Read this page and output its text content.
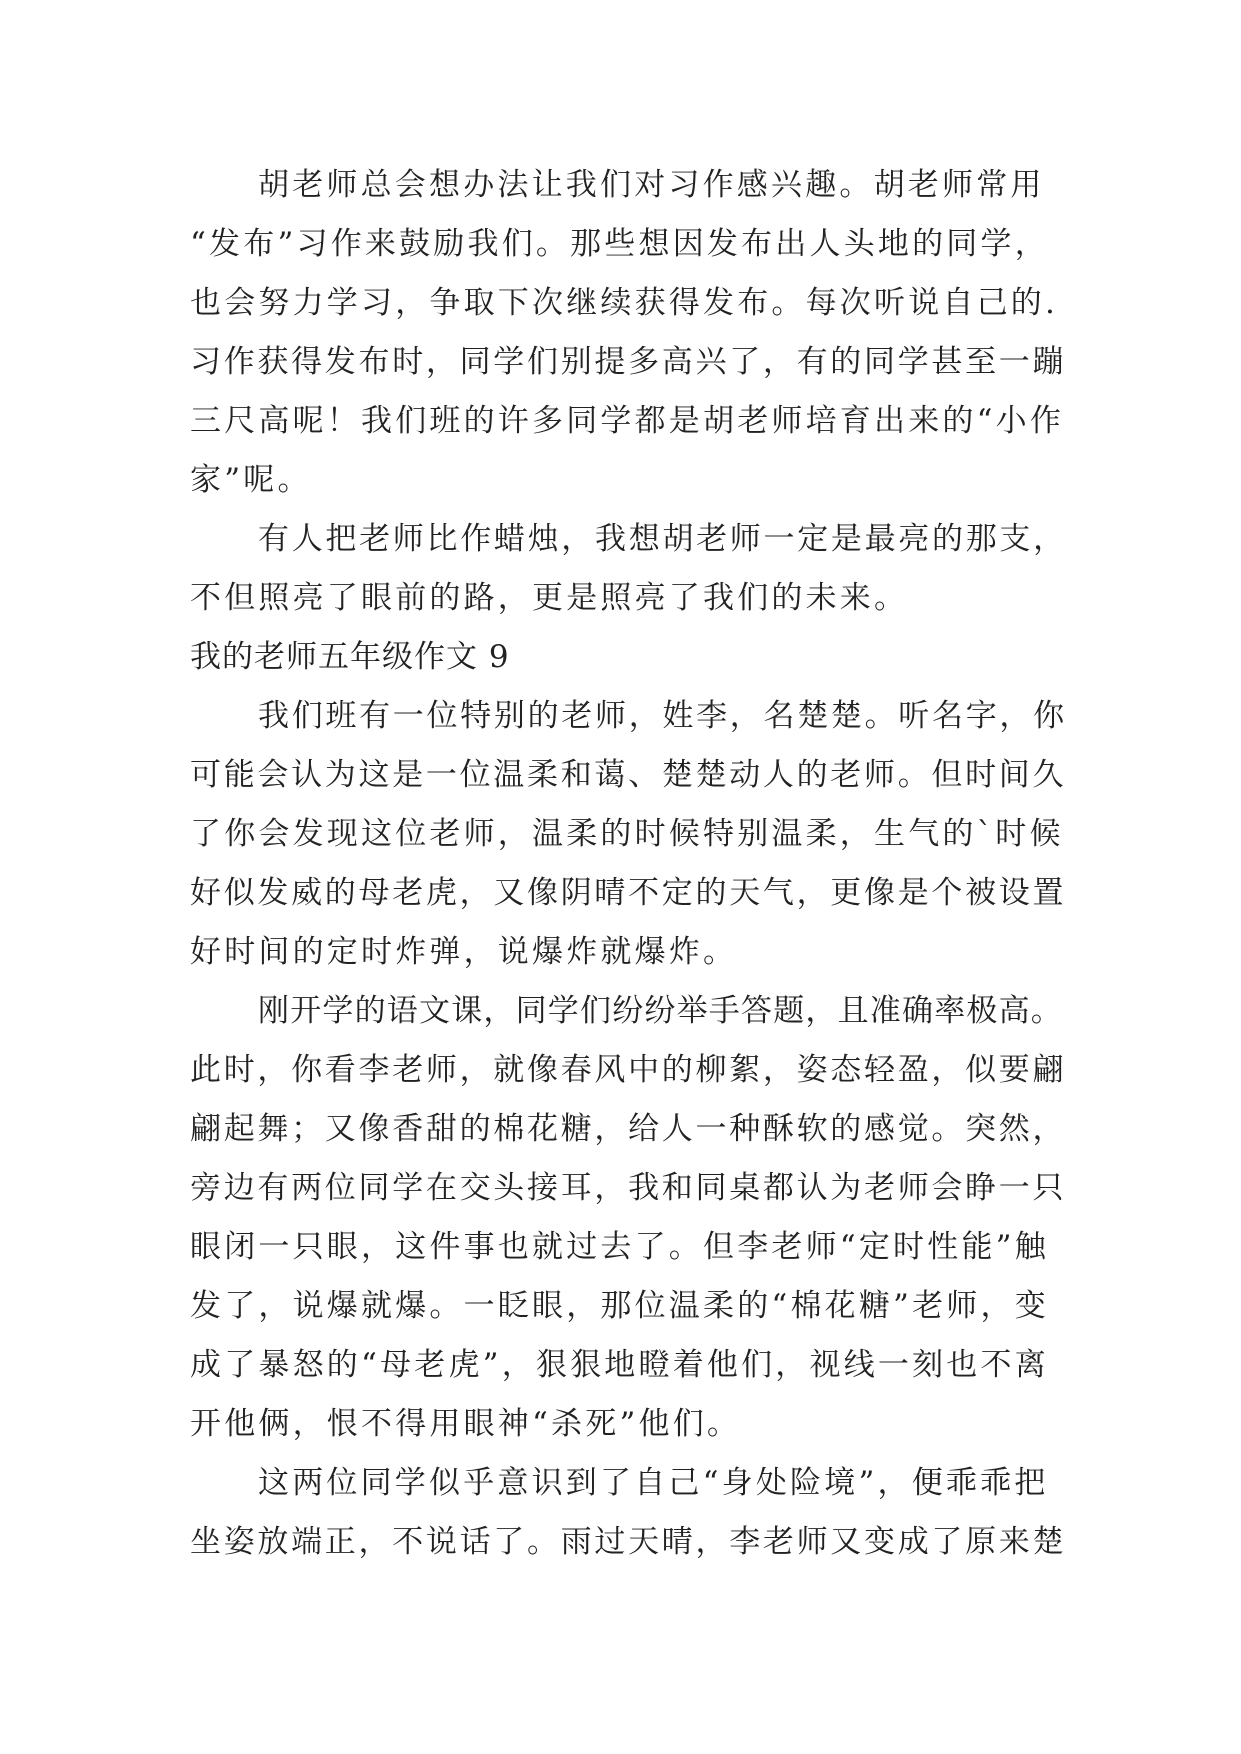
胡老师总会想办法让我们对习作感兴趣。胡老师常用
“发布”习作来鼓励我们。那些想因发布出人头地的同学，
也会努力学习，争取下次继续获得发布。每次听说自己的.
习作获得发布时，同学们别提多高兴了，有的同学甚至一蹦
三尺高呢！我们班的许多同学都是胡老师培育出来的“小作
家”呢。
有人把老师比作蜡烛，我想胡老师一定是最亮的那支，
不但照亮了眼前的路，更是照亮了我们的未来。
我的老师五年级作文 9
我们班有一位特别的老师，姓李，名楚楚。听名字，你
可能会认为这是一位温柔和蔼、楚楚动人的老师。但时间久
了你会发现这位老师，温柔的时候特别温柔，生气的`时候
好似发威的母老虎，又像阴晴不定的天气，更像是个被设置
好时间的定时炸弹，说爆炸就爆炸。
刚开学的语文课，同学们纷纷举手答题，且准确率极高。
此时，你看李老师，就像春风中的柳絮，姿态轻盈，似要翩
翩起舞；又像香甜的棉花糖，给人一种酥软的感觉。突然，
旁边有两位同学在交头接耳，我和同桌都认为老师会睁一只
眼闭一只眼，这件事也就过去了。但李老师“定时性能”触
发了，说爆就爆。一眨眼，那位温柔的“棉花糖”老师，变
成了暴怒的“母老虎”，狠狠地瞪着他们，视线一刻也不离
开他俩，恨不得用眼神“杀死”他们。
这两位同学似乎意识到了自己“身处险境”，便乖乖把
坐姿放端正，不说话了。雨过天晴，李老师又变成了原来楚
